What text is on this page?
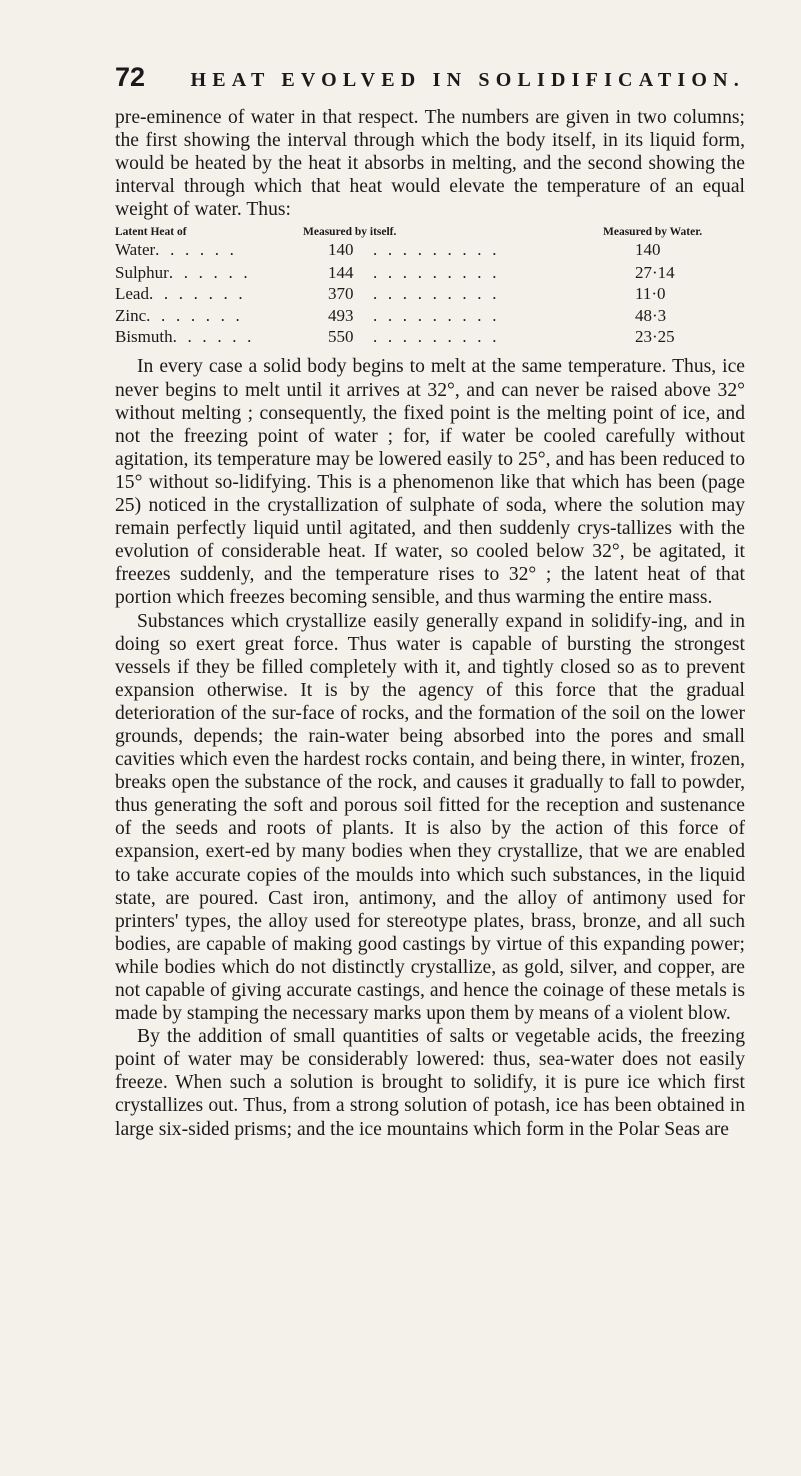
72	HEAT EVOLVED IN SOLIDIFICATION.

pre-eminence of water in that respect. The numbers are given in two columns; the first showing the interval through which the body itself, in its liquid form, would be heated by the heat it absorbs in melting, and the second showing the interval through which that heat would elevate the temperature of an equal weight of water. Thus:

Latent Heat of	Measured by itself.	Measured by Water.
Water . . . . . .	140 . . . . . . . . .	140
Sulphur . . . . . .	144 . . . . . . . . .	27·14
Lead . . . . . . .	370 . . . . . . . . .	11·0
Zinc . . . . . . .	493 . . . . . . . . .	48·3
Bismuth . . . . . .	550 . . . . . . . . .	23·25

In every case a solid body begins to melt at the same temperature. Thus, ice never begins to melt until it arrives at 32°, and can never be raised above 32° without melting ; consequently, the fixed point is the melting point of ice, and not the freezing point of water ; for, if water be cooled carefully without agitation, its temperature may be lowered easily to 25°, and has been reduced to 15° without so-lidifying. This is a phenomenon like that which has been (page 25) noticed in the crystallization of sulphate of soda, where the solution may remain perfectly liquid until agitated, and then suddenly crys-tallizes with the evolution of considerable heat. If water, so cooled below 32°, be agitated, it freezes suddenly, and the temperature rises to 32° ; the latent heat of that portion which freezes becoming sensible, and thus warming the entire mass.

Substances which crystallize easily generally expand in solidify-ing, and in doing so exert great force. Thus water is capable of bursting the strongest vessels if they be filled completely with it, and tightly closed so as to prevent expansion otherwise. It is by the agency of this force that the gradual deterioration of the sur-face of rocks, and the formation of the soil on the lower grounds, depends; the rain-water being absorbed into the pores and small cavities which even the hardest rocks contain, and being there, in winter, frozen, breaks open the substance of the rock, and causes it gradually to fall to powder, thus generating the soft and porous soil fitted for the reception and sustenance of the seeds and roots of plants. It is also by the action of this force of expansion, exert-ed by many bodies when they crystallize, that we are enabled to take accurate copies of the moulds into which such substances, in the liquid state, are poured. Cast iron, antimony, and the alloy of antimony used for printers' types, the alloy used for stereotype plates, brass, bronze, and all such bodies, are capable of making good castings by virtue of this expanding power; while bodies which do not distinctly crystallize, as gold, silver, and copper, are not capable of giving accurate castings, and hence the coinage of these metals is made by stamping the necessary marks upon them by means of a violent blow.

By the addition of small quantities of salts or vegetable acids, the freezing point of water may be considerably lowered: thus, sea-water does not easily freeze. When such a solution is brought to solidify, it is pure ice which first crystallizes out. Thus, from a strong solution of potash, ice has been obtained in large six-sided prisms; and the ice mountains which form in the Polar Seas are
